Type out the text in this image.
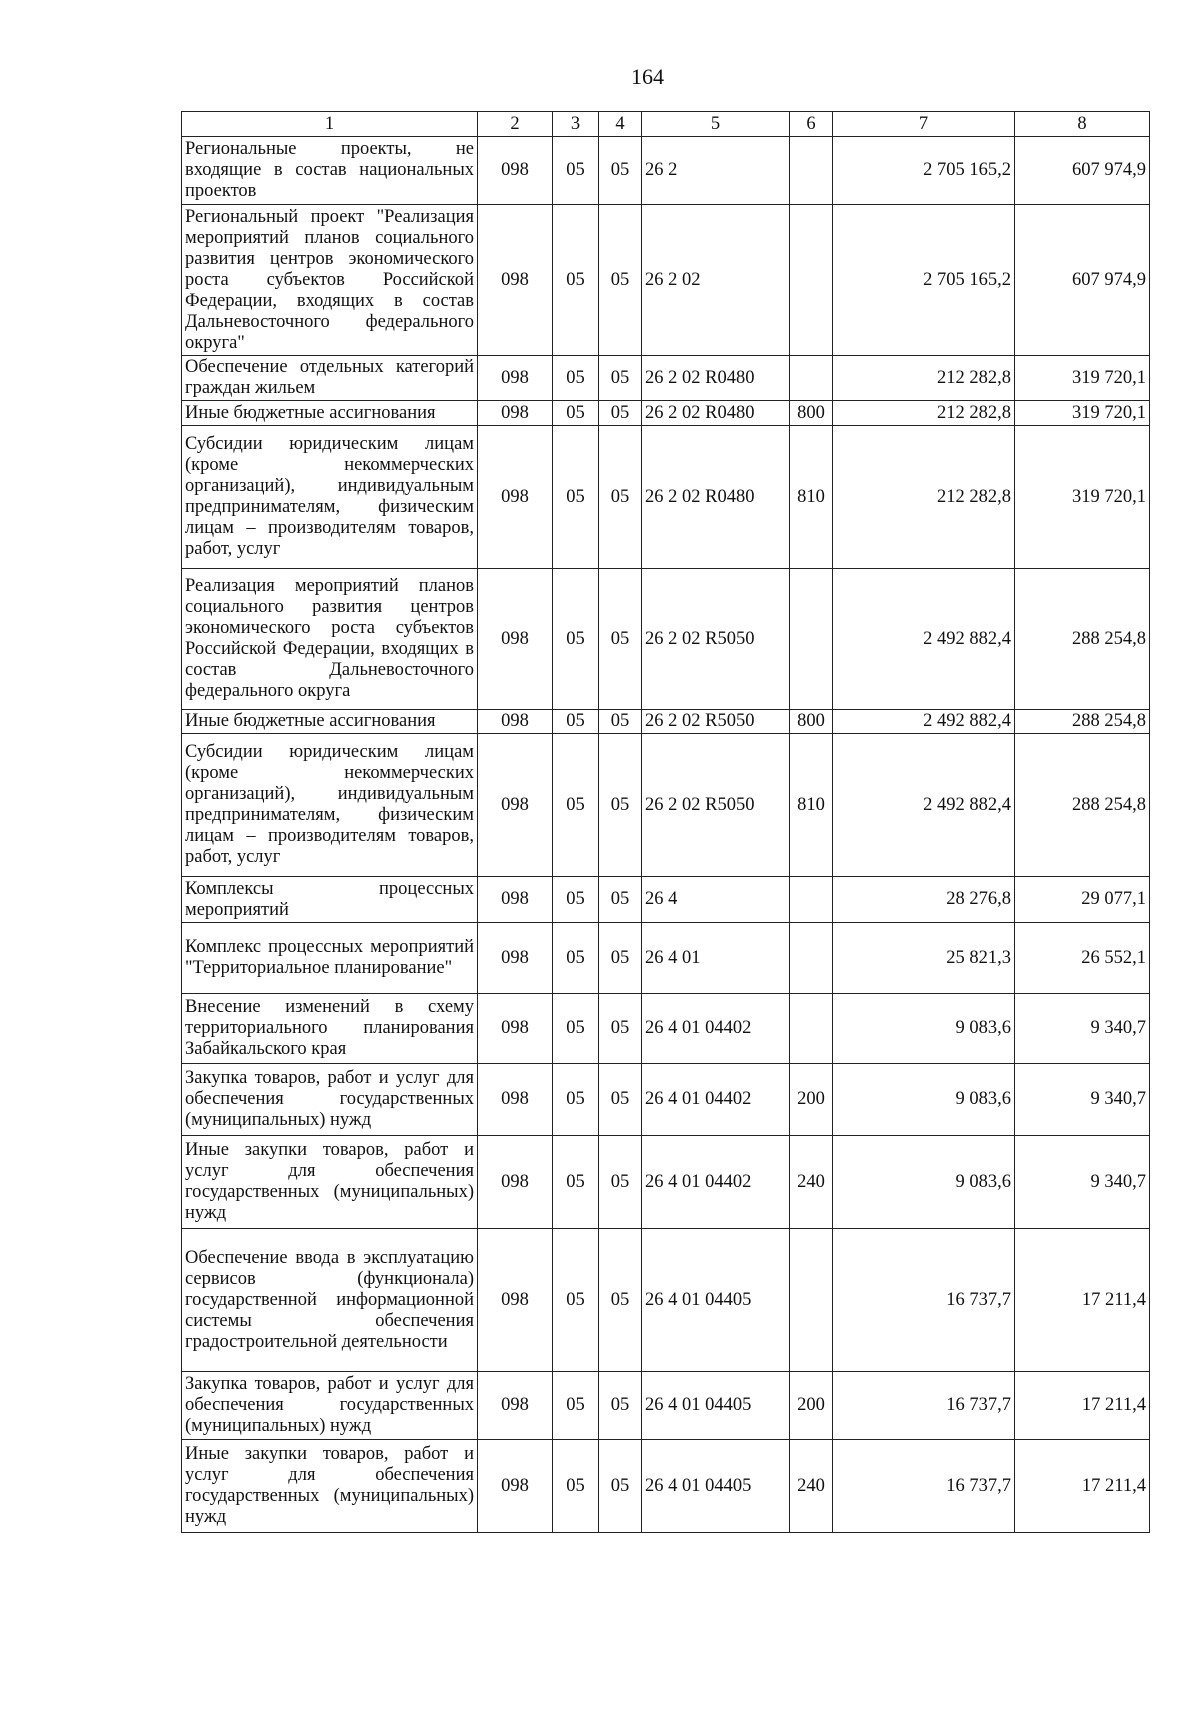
164
1	2	3	4	5	6	7	8
Региональные проекты, не входящие в состав национальных проектов	098	05	05	26 2		2 705 165,2	607 974,9
Региональный проект "Реализация мероприятий планов социального развития центров экономического роста субъектов Российской Федерации, входящих в состав Дальневосточного федерального округа"	098	05	05	26 2 02		2 705 165,2	607 974,9
Обеспечение отдельных категорий граждан жильем	098	05	05	26 2 02 R0480		212 282,8	319 720,1
Иные бюджетные ассигнования	098	05	05	26 2 02 R0480	800	212 282,8	319 720,1
Субсидии юридическим лицам (кроме некоммерческих организаций), индивидуальным предпринимателям, физическим лицам – производителям товаров, работ, услуг	098	05	05	26 2 02 R0480	810	212 282,8	319 720,1
Реализация мероприятий планов социального развития центров экономического роста субъектов Российской Федерации, входящих в состав Дальневосточного федерального округа	098	05	05	26 2 02 R5050		2 492 882,4	288 254,8
Иные бюджетные ассигнования	098	05	05	26 2 02 R5050	800	2 492 882,4	288 254,8
Субсидии юридическим лицам (кроме некоммерческих организаций), индивидуальным предпринимателям, физическим лицам – производителям товаров, работ, услуг	098	05	05	26 2 02 R5050	810	2 492 882,4	288 254,8
Комплексы процессных мероприятий	098	05	05	26 4		28 276,8	29 077,1
Комплекс процессных мероприятий "Территориальное планирование"	098	05	05	26 4 01		25 821,3	26 552,1
Внесение изменений в схему территориального планирования Забайкальского края	098	05	05	26 4 01 04402		9 083,6	9 340,7
Закупка товаров, работ и услуг для обеспечения государственных (муниципальных) нужд	098	05	05	26 4 01 04402	200	9 083,6	9 340,7
Иные закупки товаров, работ и услуг для обеспечения государственных (муниципальных) нужд	098	05	05	26 4 01 04402	240	9 083,6	9 340,7
Обеспечение ввода в эксплуатацию сервисов (функционала) государственной информационной системы обеспечения градостроительной деятельности	098	05	05	26 4 01 04405		16 737,7	17 211,4
Закупка товаров, работ и услуг для обеспечения государственных (муниципальных) нужд	098	05	05	26 4 01 04405	200	16 737,7	17 211,4
Иные закупки товаров, работ и услуг для обеспечения государственных (муниципальных) нужд	098	05	05	26 4 01 04405	240	16 737,7	17 211,4
